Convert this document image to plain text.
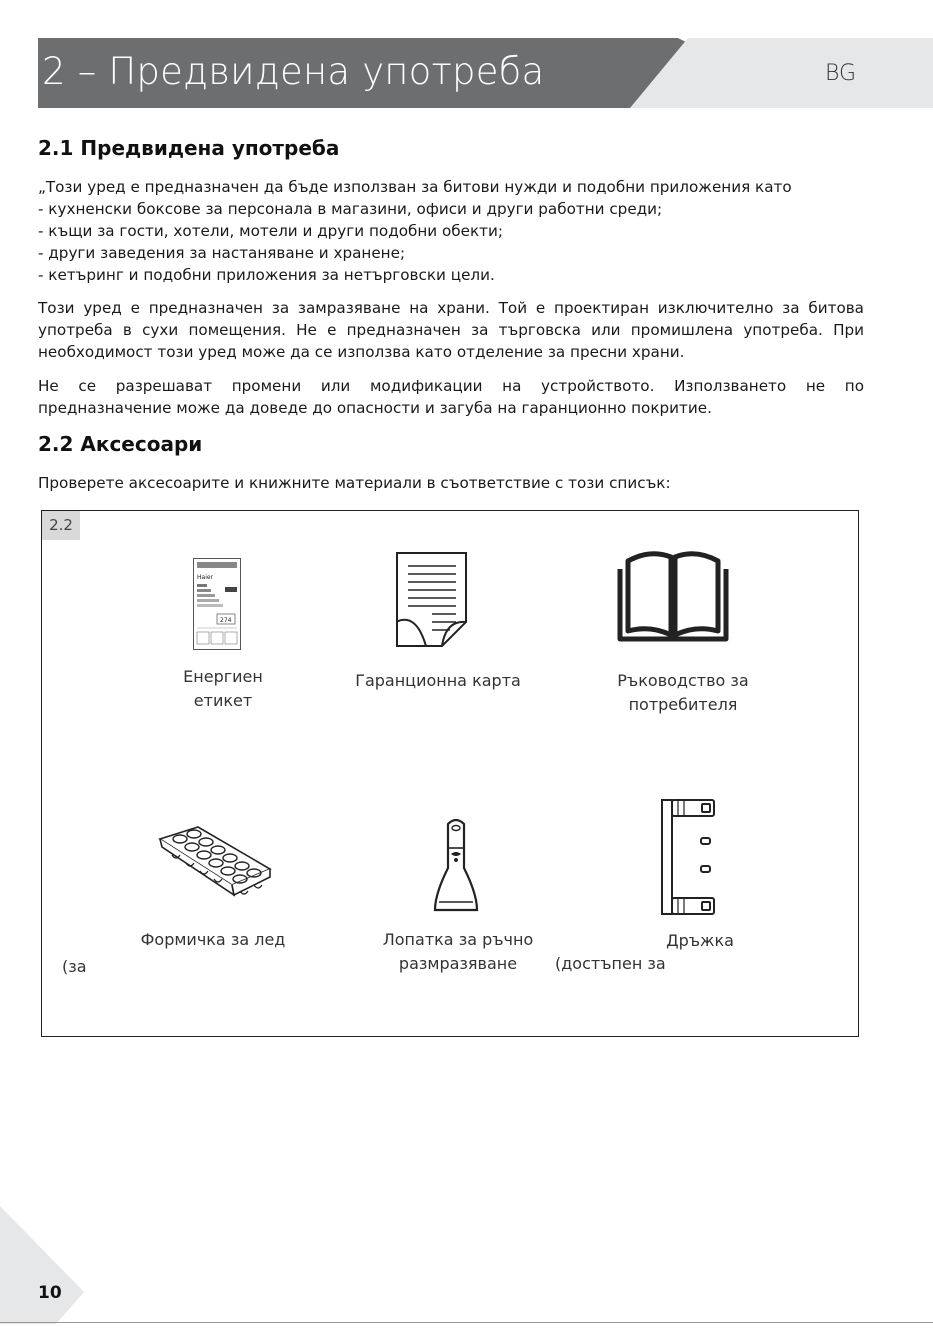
2 – Предвидена употреба	BG
2.1 Предвидена употреба
„Този уред е предназначен да бъде използван за битови нужди и подобни приложения като
- кухненски боксове за персонала в магазини, офиси и други работни среди;
- къщи за гости, хотели, мотели и други подобни обекти;
- други заведения за настаняване и хранене;
- кетъринг и подобни приложения за нетърговски цели.
Този уред е предназначен за замразяване на храни. Той е проектиран изключително за битова
употреба в сухи помещения. Не е предназначен за търговска или промишлена употреба. При
необходимост този уред може да се използва като отделение за пресни храни.
Не се разрешават промени или модификации на устройството. Използването не по
предназначение може да доведе до опасности и загуба на гаранционно покритие.
2.2 Аксесоари
Проверете аксесоарите и книжните материали в съответствие с този списък:
2.2
Haier
274
Енергиен
етикет
Гаранционна карта	Ръководство за
потребителя
Формичка за лед	Лопатка за ръчно
размразяване
Дръжка
(достъпен за
(за
10
